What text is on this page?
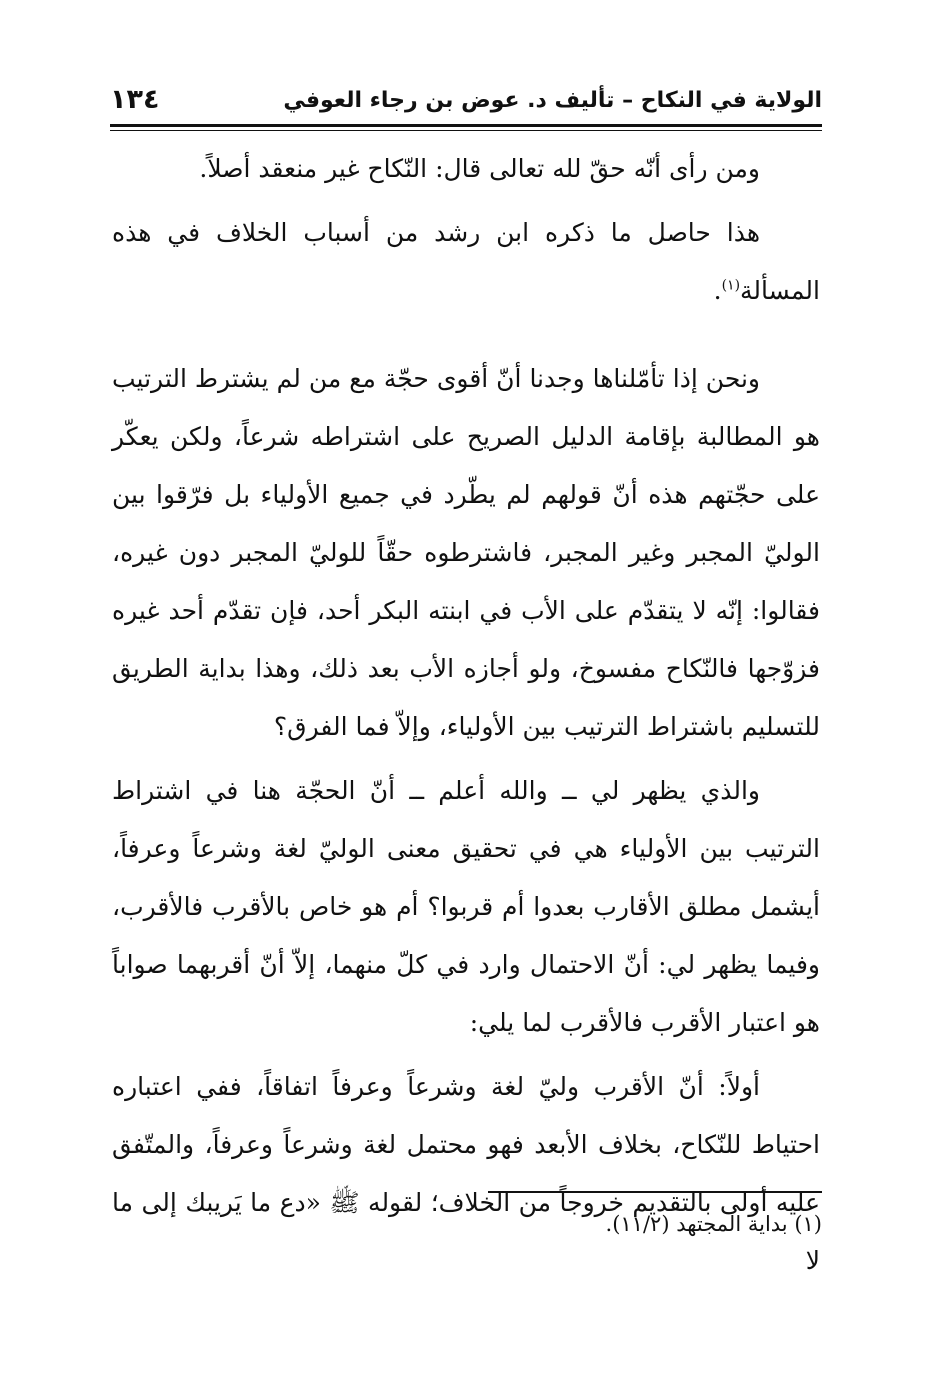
الولاية في النكاح – تأليف د. عوض بن رجاء العوفي
١٣٤

ومن رأى أنّه حقّ لله تعالى قال: النّكاح غير منعقد أصلاً.

هذا حاصل ما ذكره ابن رشد من أسباب الخلاف في هذه المسألة$^{(١)}$.

ونحن إذا تأمّلناها وجدنا أنّ أقوى حجّة مع من لم يشترط الترتيب هو المطالبة بإقامة الدليل الصريح على اشتراطه شرعاً، ولكن يعكّر على حجّتهم هذه أنّ قولهم لم يطّرد في جميع الأولياء بل فرّقوا بين الوليّ المجبر وغير المجبر، فاشترطوه حقّاً للوليّ المجبر دون غيره، فقالوا: إنّه لا يتقدّم على الأب في ابنته البكر أحد، فإن تقدّم أحد غيره فزوّجها فالنّكاح مفسوخ، ولو أجازه الأب بعد ذلك، وهذا بداية الطريق للتسليم باشتراط الترتيب بين الأولياء، وإلاّ فما الفرق؟

والذي يظهر لي ــ والله أعلم ــ أنّ الحجّة هنا في اشتراط الترتيب بين الأولياء هي في تحقيق معنى الوليّ لغة وشرعاً وعرفاً، أيشمل مطلق الأقارب بعدوا أم قربوا؟ أم هو خاص بالأقرب فالأقرب، وفيما يظهر لي: أنّ الاحتمال وارد في كلّ منهما، إلاّ أنّ أقربهما صواباً هو اعتبار الأقرب فالأقرب لما يلي:

أولاً: أنّ الأقرب وليّ لغة وشرعاً وعرفاً اتفاقاً، ففي اعتباره احتياط للنّكاح، بخلاف الأبعد فهو محتمل لغة وشرعاً وعرفاً، والمتّفق عليه أولى بالتقديم خروجاً من الخلاف؛ لقوله ﷺ «دع ما يَريبك إلى ما لا

(١) بداية المجتهد (١١/٢).
